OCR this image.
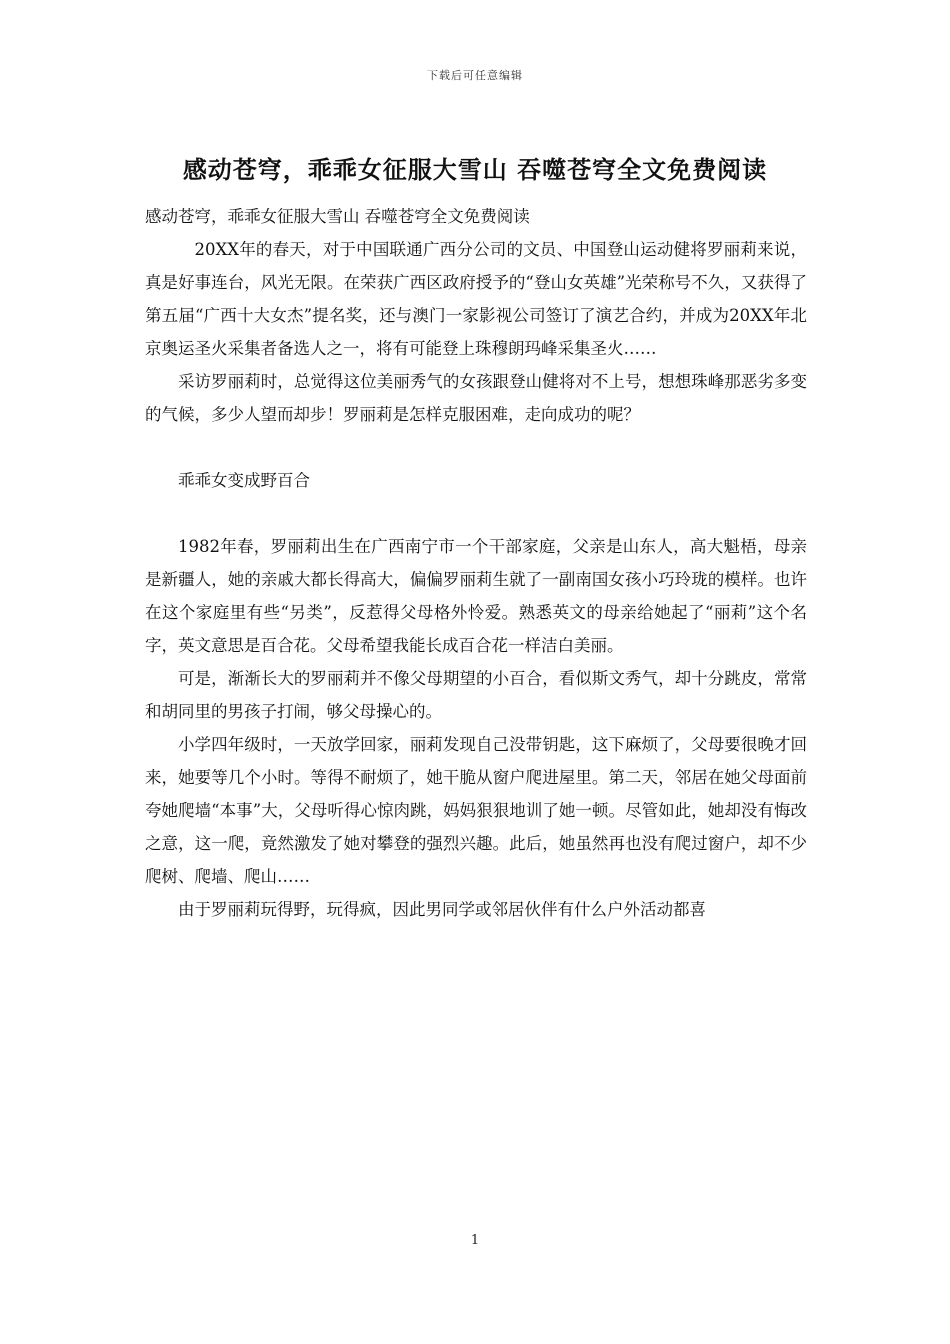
下载后可任意编辑
感动苍穹，乖乖女征服大雪山 吞噬苍穹全文免费阅读

感动苍穹，乖乖女征服大雪山 吞噬苍穹全文免费阅读

20XX年的春天，对于中国联通广西分公司的文员、中国登山运动健将罗丽莉来说，真是好事连台，风光无限。在荣获广西区政府授予的“登山女英雄”光荣称号不久，又获得了第五届“广西十大女杰”提名奖，还与澳门一家影视公司签订了演艺合约，并成为20XX年北京奥运圣火采集者备选人之一，将有可能登上珠穆朗玛峰采集圣火……

采访罗丽莉时，总觉得这位美丽秀气的女孩跟登山健将对不上号，想想珠峰那恶劣多变的气候，多少人望而却步！罗丽莉是怎样克服困难，走向成功的呢？

乖乖女变成野百合

1982年春，罗丽莉出生在广西南宁市一个干部家庭，父亲是山东人，高大魁梧，母亲是新疆人，她的亲戚大都长得高大，偏偏罗丽莉生就了一副南国女孩小巧玲珑的模样。也许在这个家庭里有些“另类”，反惹得父母格外怜爱。熟悉英文的母亲给她起了“丽莉”这个名字，英文意思是百合花。父母希望我能长成百合花一样洁白美丽。

可是，渐渐长大的罗丽莉并不像父母期望的小百合，看似斯文秀气，却十分跳皮，常常和胡同里的男孩子打闹，够父母操心的。

小学四年级时，一天放学回家，丽莉发现自己没带钥匙，这下麻烦了，父母要很晚才回来，她要等几个小时。等得不耐烦了，她干脆从窗户爬进屋里。第二天，邻居在她父母面前夸她爬墙“本事”大，父母听得心惊肉跳，妈妈狠狠地训了她一顿。尽管如此，她却没有悔改之意，这一爬，竟然激发了她对攀登的强烈兴趣。此后，她虽然再也没有爬过窗户，却不少爬树、爬墙、爬山……

由于罗丽莉玩得野，玩得疯，因此男同学或邻居伙伴有什么户外活动都喜

1
